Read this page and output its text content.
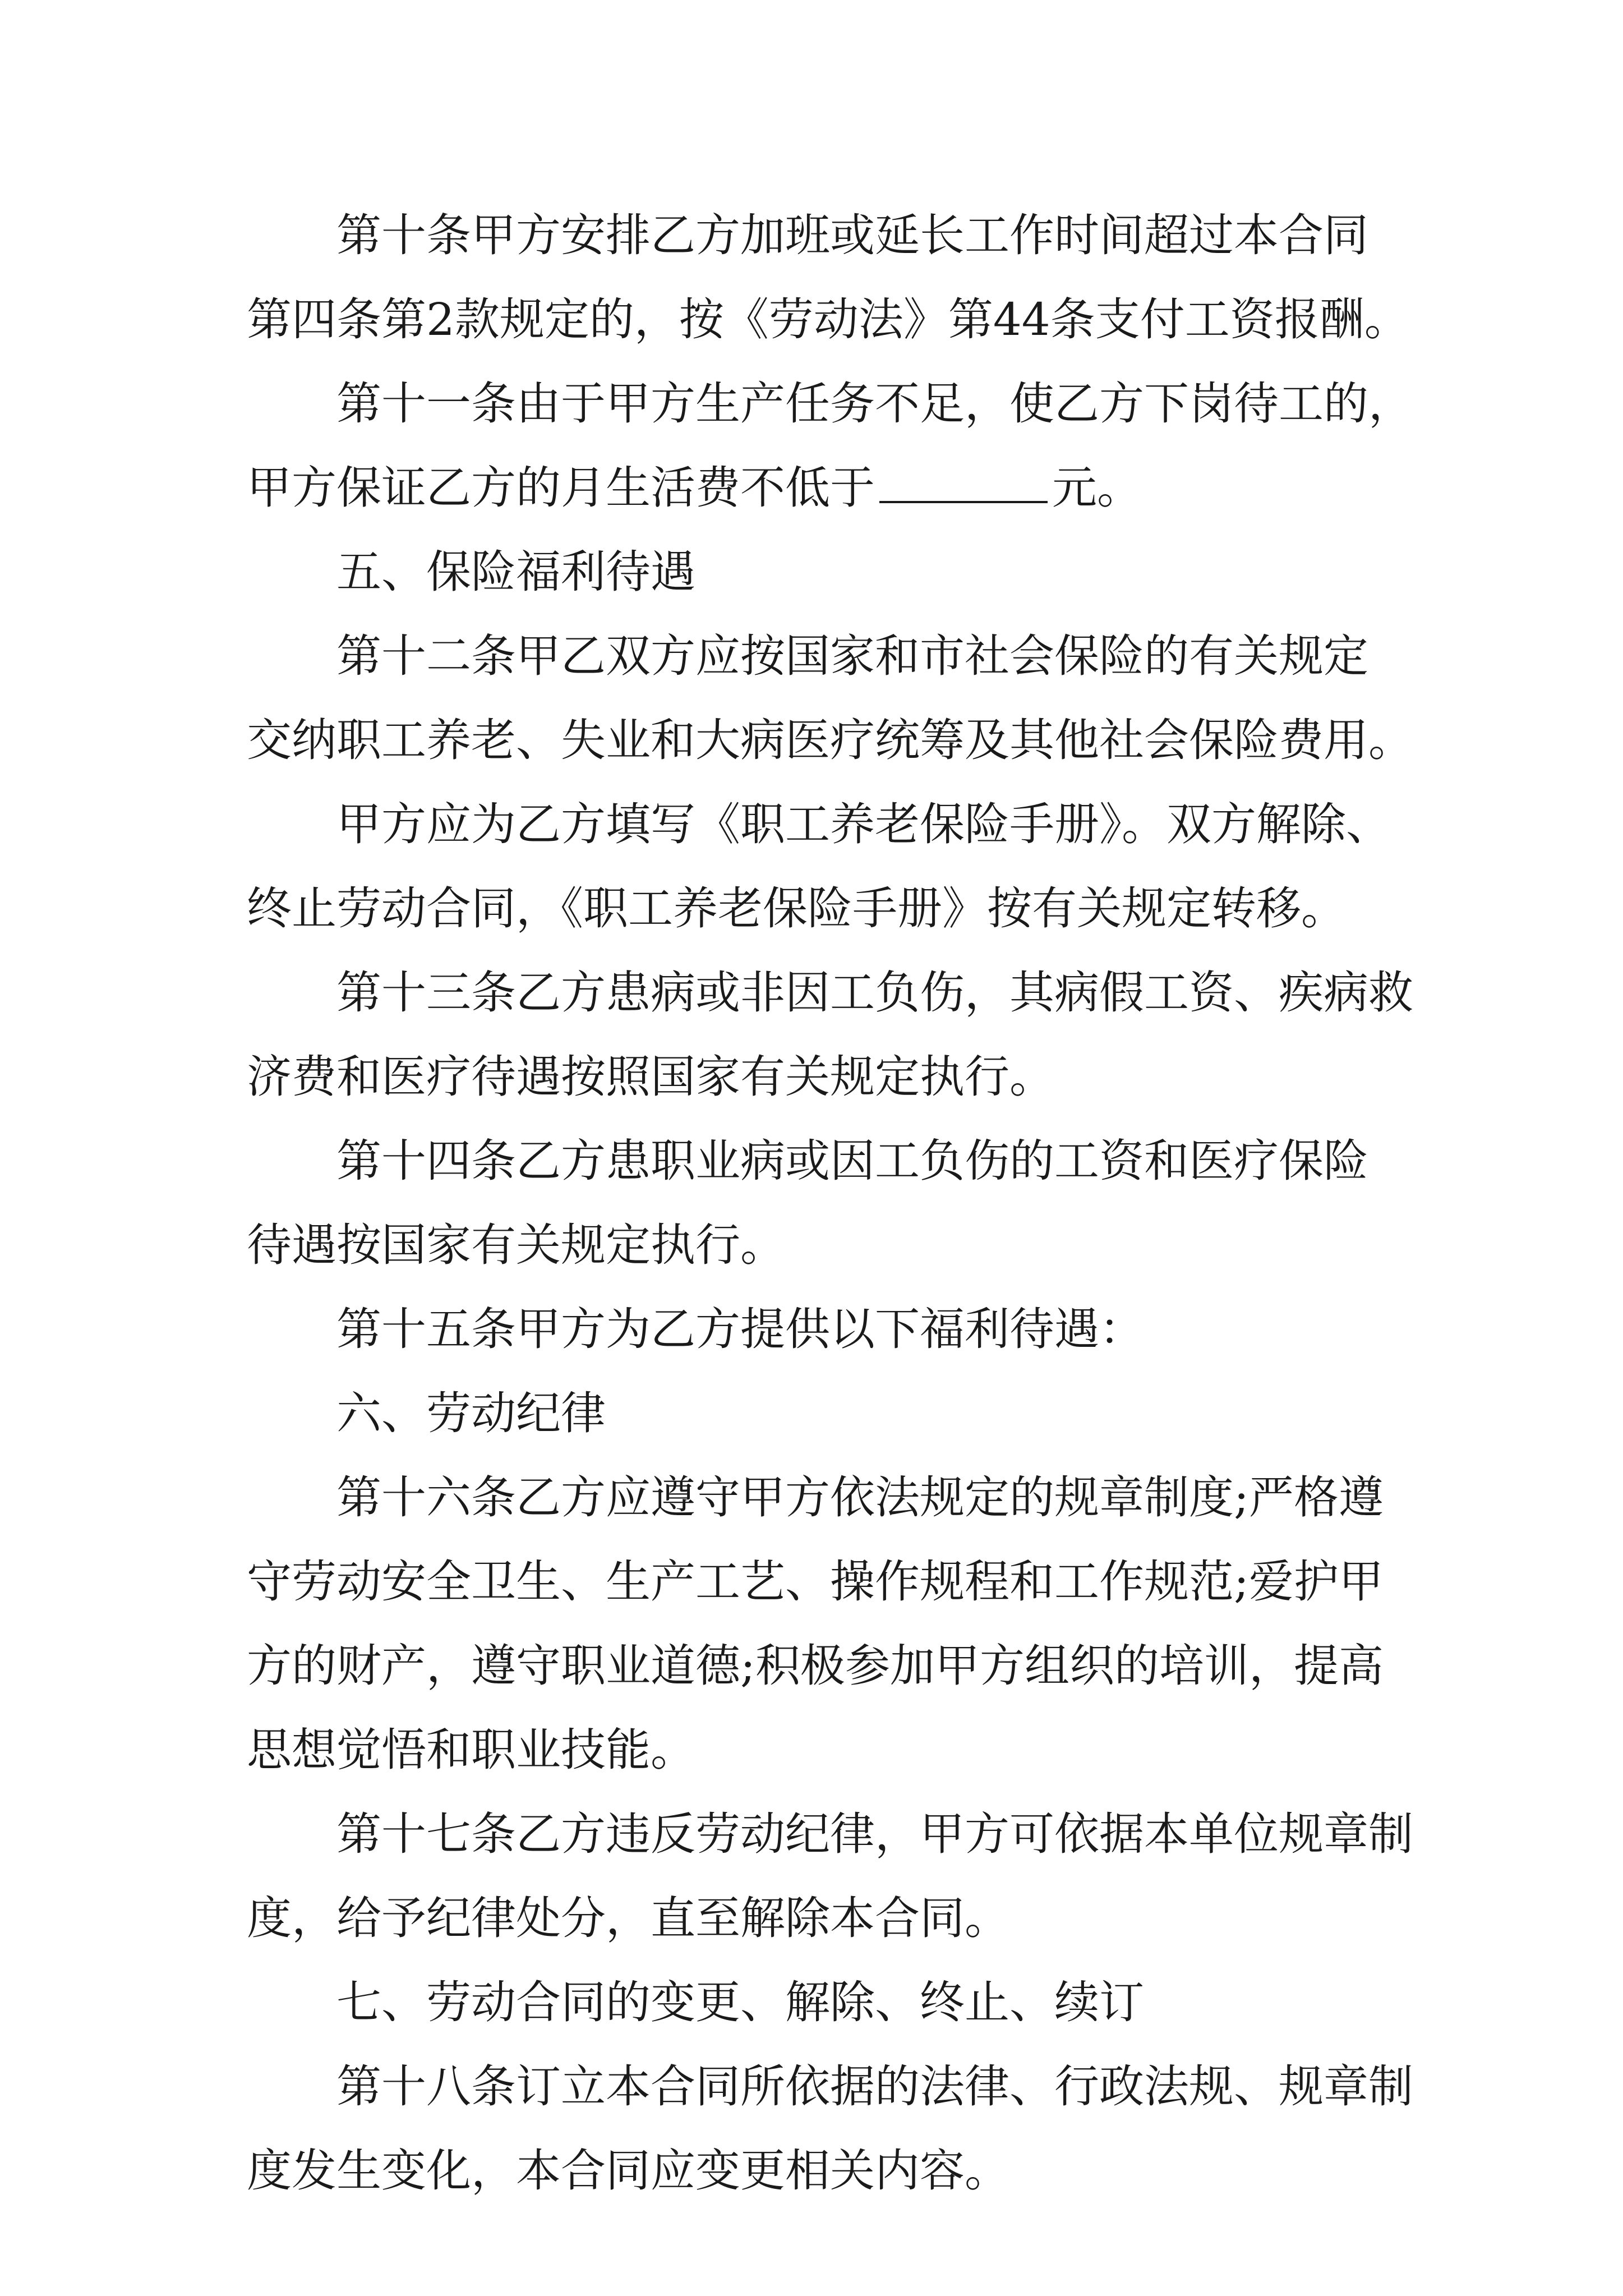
第十条甲方安排乙方加班或延长工作时间超过本合同

第四条第2款规定的，按《劳动法》第44条支付工资报酬。

第十一条由于甲方生产任务不足，使乙方下岗待工的，

甲方保证乙方的月生活费不低于	元。

五、保险福利待遇

第十二条甲乙双方应按国家和市社会保险的有关规定

交纳职工养老、失业和大病医疗统筹及其他社会保险费用。

甲方应为乙方填写《职工养老保险手册》。双方解除、

终止劳动合同，《职工养老保险手册》按有关规定转移。

第十三条乙方患病或非因工负伤，其病假工资、疾病救

济费和医疗待遇按照国家有关规定执行。

第十四条乙方患职业病或因工负伤的工资和医疗保险

待遇按国家有关规定执行。

第十五条甲方为乙方提供以下福利待遇：

六、劳动纪律

第十六条乙方应遵守甲方依法规定的规章制度;严格遵

守劳动安全卫生、生产工艺、操作规程和工作规范;爱护甲

方的财产，遵守职业道德;积极参加甲方组织的培训，提高

思想觉悟和职业技能。

第十七条乙方违反劳动纪律，甲方可依据本单位规章制

度，给予纪律处分，直至解除本合同。

七、劳动合同的变更、解除、终止、续订

第十八条订立本合同所依据的法律、行政法规、规章制

度发生变化，本合同应变更相关内容。
